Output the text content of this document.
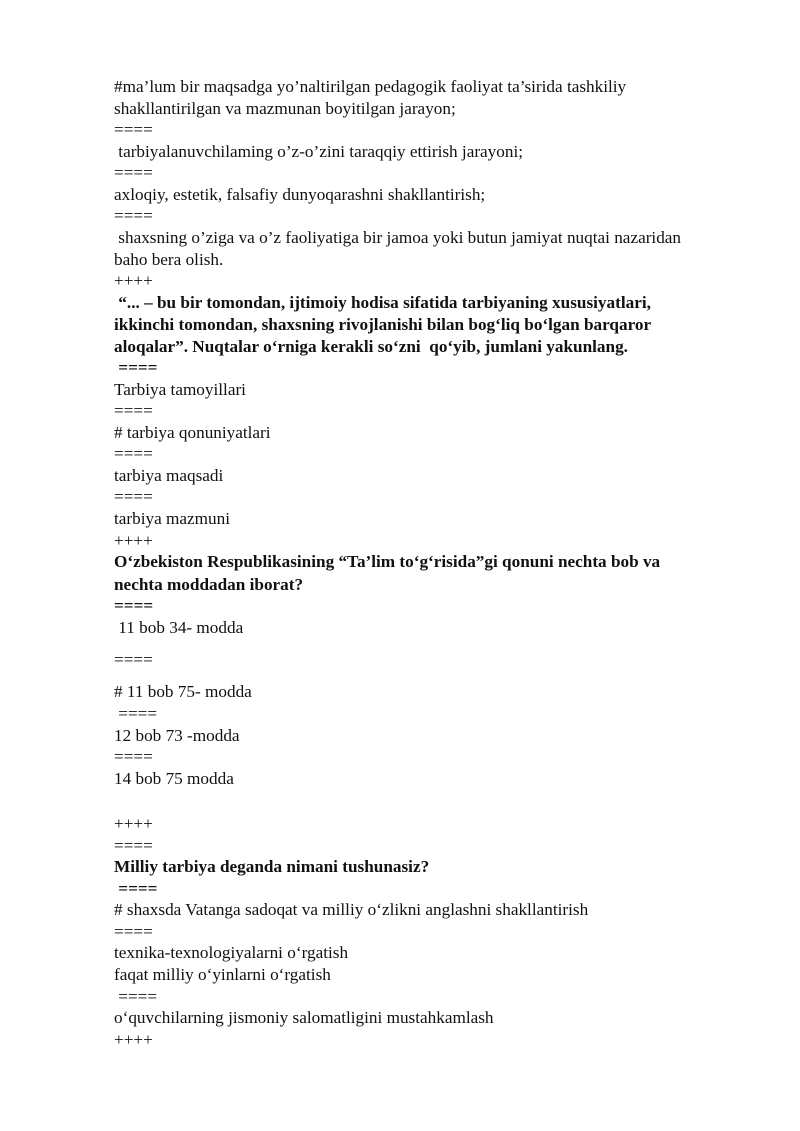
#ma’lum bir maqsadga yo’naltirilgan pedagogik faoliyat ta’sirida tashkiliy

shakllantirilgan va mazmunan boyitilgan jarayon;

====

tarbiyalanuvchilaming o’z-o’zini taraqqiy ettirish jarayoni;

====

axloqiy, estetik, falsafiy dunyoqarashni shakllantirish;

====

shaxsning o’ziga va o’z faoliyatiga bir jamoa yoki butun jamiyat nuqtai nazaridan

baho bera olish.

++++

“... – bu bir tomondan, ijtimoiy hodisa sifatida tarbiyaning xususiyatlari,

ikkinchi tomondan, shaxsning rivojlanishi bilan bog‘liq bo‘lgan barqaror

aloqalar”. Nuqtalar o‘rniga kerakli so‘zni  qo‘yib, jumlani yakunlang.

====

Tarbiya tamoyillari

====

# tarbiya qonuniyatlari

====

tarbiya maqsadi

====

tarbiya mazmuni

++++

O‘zbekiston Respublikasining “Ta’lim to‘g‘risida”gi qonuni nechta bob va

nechta moddadan iborat?

====

11 bob 34- modda

====

# 11 bob 75- modda

====

12 bob 73 -modda

====

14 bob 75 modda

++++

====

Milliy tarbiya deganda nimani tushunasiz?

====

# shaxsda Vatanga sadoqat va milliy o‘zlikni anglashni shakllantirish

====

texnika-texnologiyalarni o‘rgatish

faqat milliy o‘yinlarni o‘rgatish

====

o‘quvchilarning jismoniy salomatligini mustahkamlash

++++
